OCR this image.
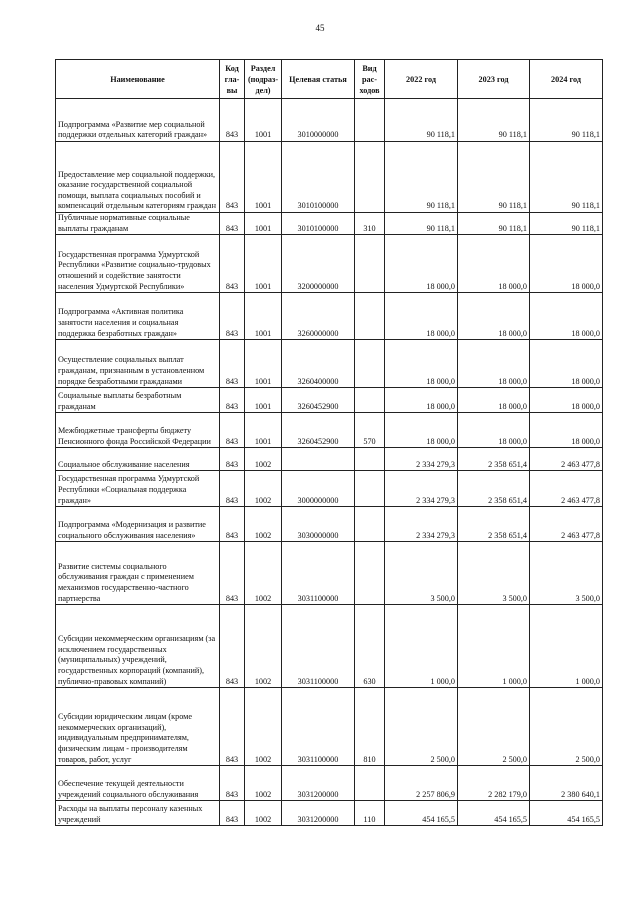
45
Наименование	Код гла-вы	Раздел (подраз-дел)	Целевая статья	Вид рас-ходов	2022 год	2023 год	2024 год
Подпрограмма «Развитие мер социальной поддержки отдельных категорий граждан»	843	1001	3010000000		90 118,1	90 118,1	90 118,1
Предоставление мер социальной поддержки, оказание государственной социальной помощи, выплата социальных пособий и компенсаций отдельным категориям граждан	843	1001	3010100000		90 118,1	90 118,1	90 118,1
Публичные нормативные социальные выплаты гражданам	843	1001	3010100000	310	90 118,1	90 118,1	90 118,1
Государственная программа Удмуртской Республики «Развитие социально-трудовых отношений и содействие занятости населения Удмуртской Республики»	843	1001	3200000000		18 000,0	18 000,0	18 000,0
Подпрограмма «Активная политика занятости населения и социальная поддержка безработных граждан»	843	1001	3260000000		18 000,0	18 000,0	18 000,0
Осуществление социальных выплат гражданам, признанным в установленном порядке безработными гражданами	843	1001	3260400000		18 000,0	18 000,0	18 000,0
Социальные выплаты безработным гражданам	843	1001	3260452900		18 000,0	18 000,0	18 000,0
Межбюджетные трансферты бюджету Пенсионного фонда Российской Федерации	843	1001	3260452900	570	18 000,0	18 000,0	18 000,0
Социальное обслуживание населения	843	1002			2 334 279,3	2 358 651,4	2 463 477,8
Государственная программа Удмуртской Республики «Социальная поддержка граждан»	843	1002	3000000000		2 334 279,3	2 358 651,4	2 463 477,8
Подпрограмма «Модернизация и развитие социального обслуживания населения»	843	1002	3030000000		2 334 279,3	2 358 651,4	2 463 477,8
Развитие системы социального обслуживания граждан с применением механизмов государственно-частного партнерства	843	1002	3031100000		3 500,0	3 500,0	3 500,0
Субсидии некоммерческим организациям (за исключением государственных (муниципальных) учреждений, государственных корпораций (компаний), публично-правовых компаний)	843	1002	3031100000	630	1 000,0	1 000,0	1 000,0
Субсидии юридическим лицам (кроме некоммерческих организаций), индивидуальным предпринимателям, физическим лицам - производителям товаров, работ, услуг	843	1002	3031100000	810	2 500,0	2 500,0	2 500,0
Обеспечение текущей деятельности учреждений социального обслуживания	843	1002	3031200000		2 257 806,9	2 282 179,0	2 380 640,1
Расходы на выплаты персоналу казенных учреждений	843	1002	3031200000	110	454 165,5	454 165,5	454 165,5
